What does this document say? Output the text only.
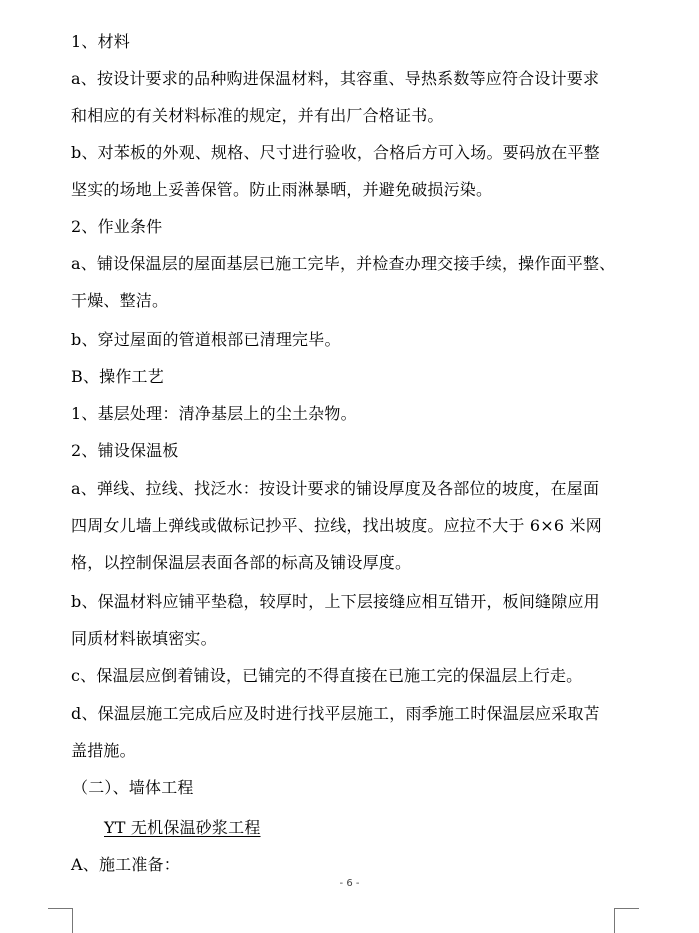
1、材料
a、按设计要求的品种购进保温材料，其容重、导热系数等应符合设计要求
和相应的有关材料标准的规定，并有出厂合格证书。
b、对苯板的外观、规格、尺寸进行验收，合格后方可入场。要码放在平整
坚实的场地上妥善保管。防止雨淋暴晒，并避免破损污染。
2、作业条件
a、铺设保温层的屋面基层已施工完毕，并检查办理交接手续，操作面平整、
干燥、整洁。
b、穿过屋面的管道根部已清理完毕。
B、操作工艺
1、基层处理：清净基层上的尘土杂物。
2、铺设保温板
a、弹线、拉线、找泛水：按设计要求的铺设厚度及各部位的坡度，在屋面
四周女儿墙上弹线或做标记抄平、拉线，找出坡度。应拉不大于 6×6 米网
格，以控制保温层表面各部的标高及铺设厚度。
b、保温材料应铺平垫稳，较厚时，上下层接缝应相互错开，板间缝隙应用
同质材料嵌填密实。
c、保温层应倒着铺设，已铺完的不得直接在已施工完的保温层上行走。
d、保温层施工完成后应及时进行找平层施工，雨季施工时保温层应采取苫
盖措施。
（二）、墙体工程
YT 无机保温砂浆工程
A、施工准备：
- 6 -
